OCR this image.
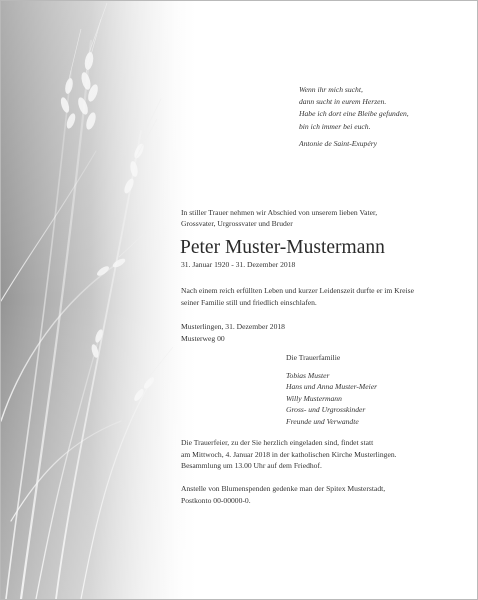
Wenn ihr mich sucht,
dann sucht in eurem Herzen.
Habe ich dort eine Bleibe gefunden,
bin ich immer bei euch.
Antonie de Saint-Exupéry
In stiller Trauer nehmen wir Abschied von unserem lieben Vater,
Grossvater, Urgrossvater und Bruder
Peter Muster-Mustermann
31. Januar 1920 - 31. Dezember 2018
Nach einem reich erfüllten Leben und kurzer Leidenszeit durfte er im Kreise
seiner Familie still und friedlich einschlafen.
Musterlingen, 31. Dezember 2018
Musterweg 00
Die Trauerfamilie
Tobias Muster
Hans und Anna Muster-Meier
Willy Mustermann
Gross- und Urgrosskinder
Freunde und Verwandte
Die Trauerfeier, zu der Sie herzlich eingeladen sind, findet statt
am Mittwoch, 4. Januar 2018 in der katholischen Kirche Musterlingen.
Besammlung um 13.00 Uhr auf dem Friedhof.
Anstelle von Blumenspenden gedenke man der Spitex Musterstadt,
Postkonto 00-00000-0.
